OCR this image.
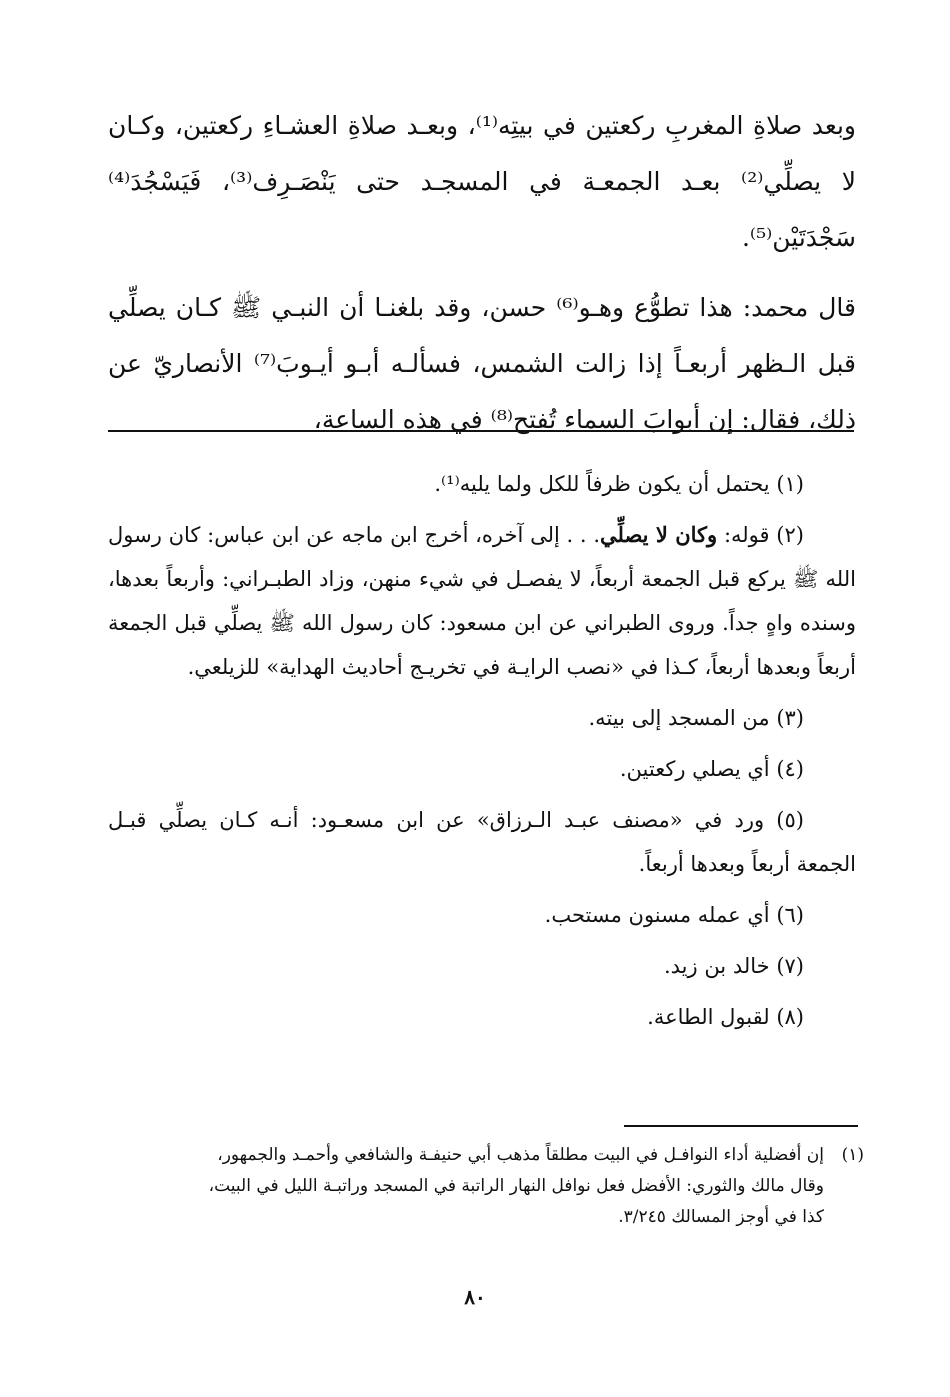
وبعد صلاةِ المغربِ ركعتين في بيتِه⁽¹⁾، وبعـد صلاةِ العشـاءِ ركعتين، وكـان لا يصلِّي⁽²⁾ بعـد الجمعـة في المسجـد حتى يَنْصَـرِف⁽³⁾، فَيَسْجُدَ⁽⁴⁾ سَجْدَتَيْن⁽⁵⁾.

قال محمد: هذا تطوُّع وهـو⁽⁶⁾ حسن، وقد بلغنـا أن النبـي ﷺ كـان يصلِّي قبل الـظهر أربعـاً إذا زالت الشمس، فسألـه أبـو أيـوبَ⁽⁷⁾ الأنصاريّ عن ذلك، فقال: إن أبوابَ السماء تُفتح⁽⁸⁾ في هذه الساعة،

(١) يحتمل أن يكون ظرفاً للكل ولما يليه⁽¹⁾.

(٢) قوله: وكان لا يصلِّي. . . إلى آخره، أخرج ابن ماجه عن ابن عباس: كان رسول الله ﷺ يركع قبل الجمعة أربعاً، لا يفصـل في شيء منهن، وزاد الطبـراني: وأربعاً بعدها، وسنده واهٍ جداً. وروى الطبراني عن ابن مسعود: كان رسول الله ﷺ يصلِّي قبل الجمعة أربعاً وبعدها أربعاً، كـذا في «نصب الرايـة في تخريـج أحاديث الهداية» للزيلعي.

(٣) من المسجد إلى بيته.

(٤) أي يصلي ركعتين.

(٥) ورد في «مصنف عبـد الـرزاق» عن ابن مسعـود: أنـه كـان يصلِّي قبـل الجمعة أربعاً وبعدها أربعاً.

(٦) أي عمله مسنون مستحب.

(٧) خالد بن زيد.

(٨) لقبول الطاعة.

(١)إن أفضلية أداء النوافـل في البيت مطلقاً مذهب أبي حنيفـة والشافعي وأحمـد والجمهور،

وقال مالك والثوري: الأفضل فعل نوافل النهار الراتبة في المسجد وراتبـة الليل في البيت،

كذا في أوجز المسالك ٣/٢٤٥.

٨٠
